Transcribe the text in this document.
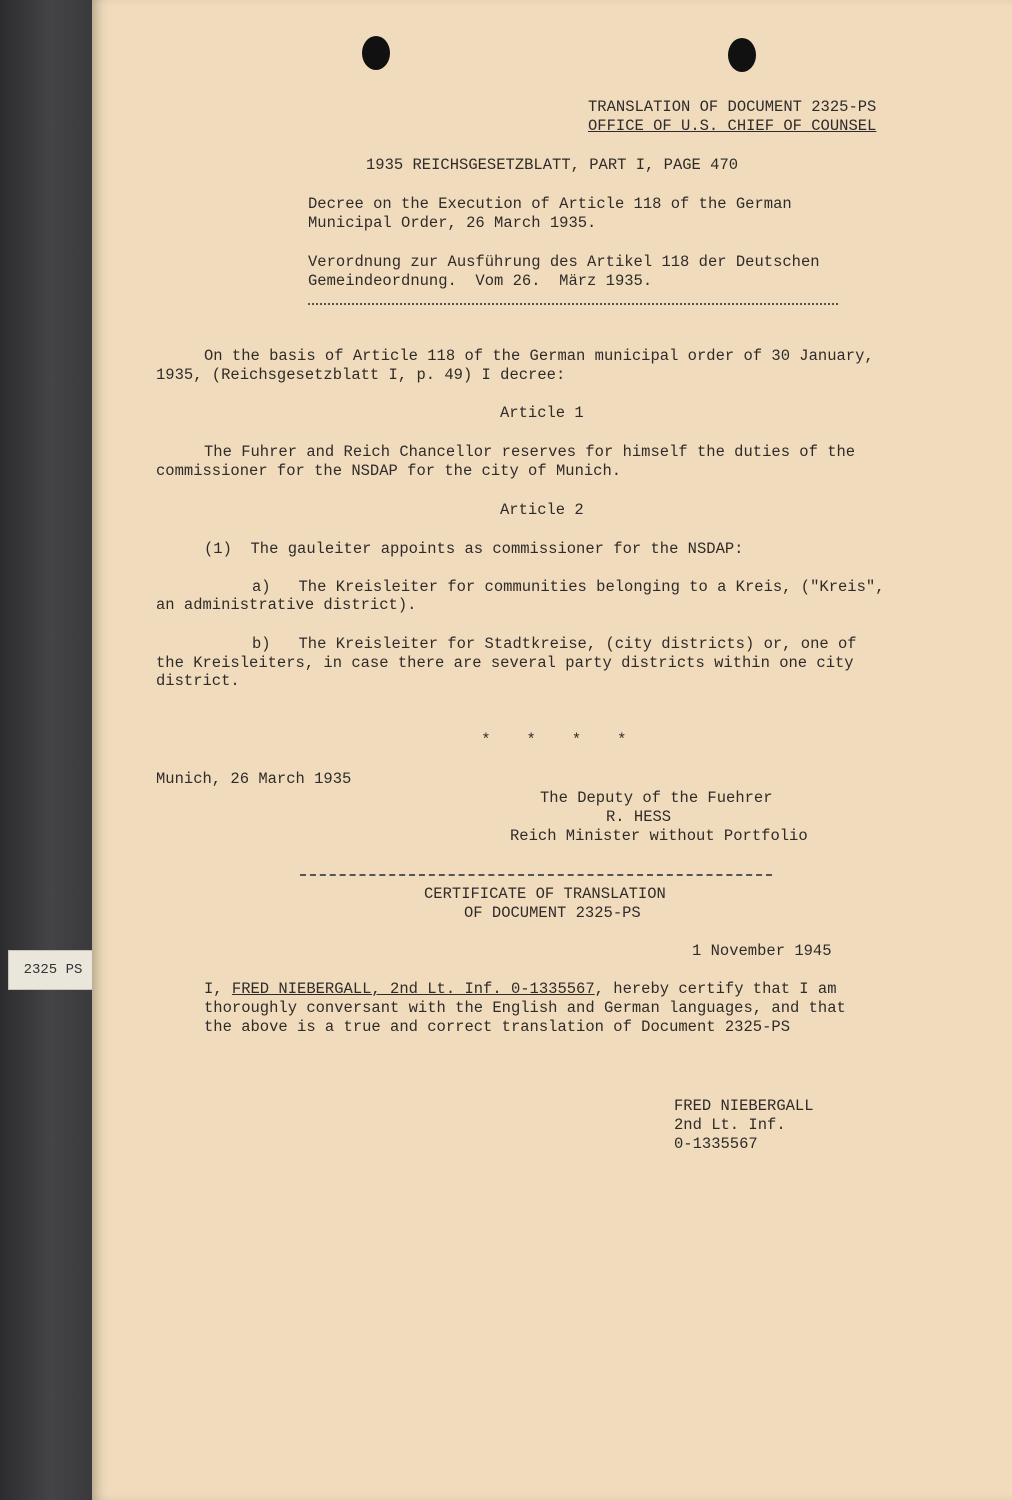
2325 PS
TRANSLATION OF DOCUMENT 2325-PS
OFFICE OF U.S. CHIEF OF COUNSEL
1935 REICHSGESETZBLATT, PART I, PAGE 470
Decree on the Execution of Article 118 of the German
Municipal Order, 26 March 1935.
Verordnung zur Ausführung des Artikel 118 der Deutschen
Gemeindeordnung.  Vom 26.  März 1935.
On the basis of Article 118 of the German municipal order of 30 January,
1935, (Reichsgesetzblatt I, p. 49) I decree:
Article 1
The Fuhrer and Reich Chancellor reserves for himself the duties of the
commissioner for the NSDAP for the city of Munich.
Article 2
(1)  The gauleiter appoints as commissioner for the NSDAP:
a)   The Kreisleiter for communities belonging to a Kreis, ("Kreis",
an administrative district).
b)   The Kreisleiter for Stadtkreise, (city districts) or, one of
the Kreisleiters, in case there are several party districts within one city
district.

* * * *

Munich, 26 March 1935
The Deputy of the Fuehrer
R. HESS
Reich Minister without Portfolio
CERTIFICATE OF TRANSLATION
OF DOCUMENT 2325-PS
1 November 1945
I, FRED NIEBERGALL, 2nd Lt. Inf. 0-1335567, hereby certify that I am
thoroughly conversant with the English and German languages, and that
the above is a true and correct translation of Document 2325-PS
FRED NIEBERGALL
2nd Lt. Inf.
0-1335567
